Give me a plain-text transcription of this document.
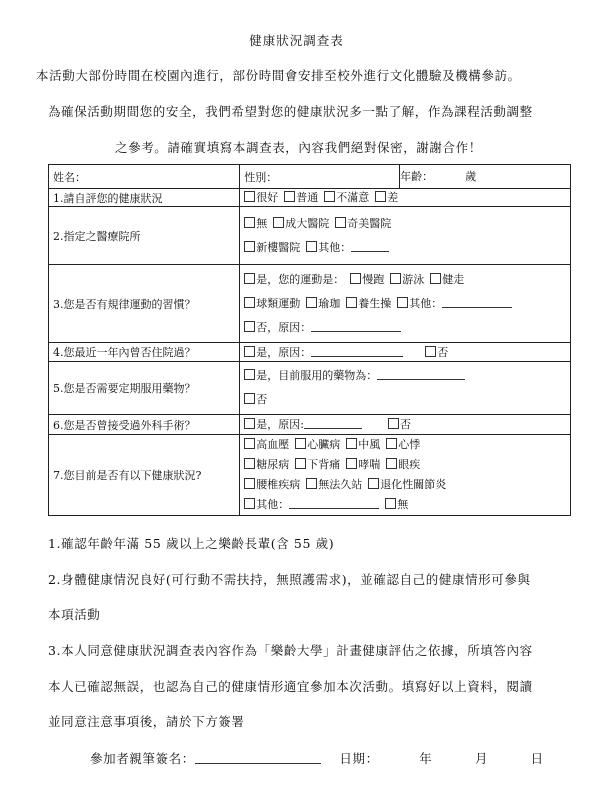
健康狀況調查表
本活動大部份時間在校園內進行，部份時間會安排至校外進行文化體驗及機構參訪。
為確保活動期間您的安全，我們希望對您的健康狀況多一點了解，作為課程活動調整
之參考。請確實填寫本調查表，內容我們絕對保密，謝謝合作！
姓名：	性別：	年齡： 歲

1.請自評您的健康狀況	很好 普通 不滿意 差	
2.指定之醫療院所	無 成大醫院 奇美醫院
新樓醫院 其他：	

3.您是否有規律運動的習慣？	是，您的運動是： 慢跑 游泳 健走
球類運動 瑜珈 養生操 其他：
否，原因：	

4.您最近一年內曾否住院過？	是，原因： 否	
5.您是否需要定期服用藥物？	是，目前服用的藥物為：
否	

6.您是否曾接受過外科手術？	是，原因: 否	
7.您目前是否有以下健康狀況?	高血壓 心臟病 中風 心悸
糖尿病 下背痛 哮喘 眼疾
腰椎疾病 無法久站 退化性關節炎
其他： 無	
1.確認年齡年滿 55 歲以上之樂齡長輩(含 55 歲)
2.身體健康情況良好(可行動不需扶持，無照護需求)，並確認自己的健康情形可參與
本項活動
3.本人同意健康狀況調查表內容作為「樂齡大學」計畫健康評估之依據，所填答內容
本人已確認無誤，也認為自己的健康情形適宜參加本次活動。填寫好以上資料，閱讀
並同意注意事項後，請於下方簽署
參加者親筆簽名：	日期：	年	月	日
